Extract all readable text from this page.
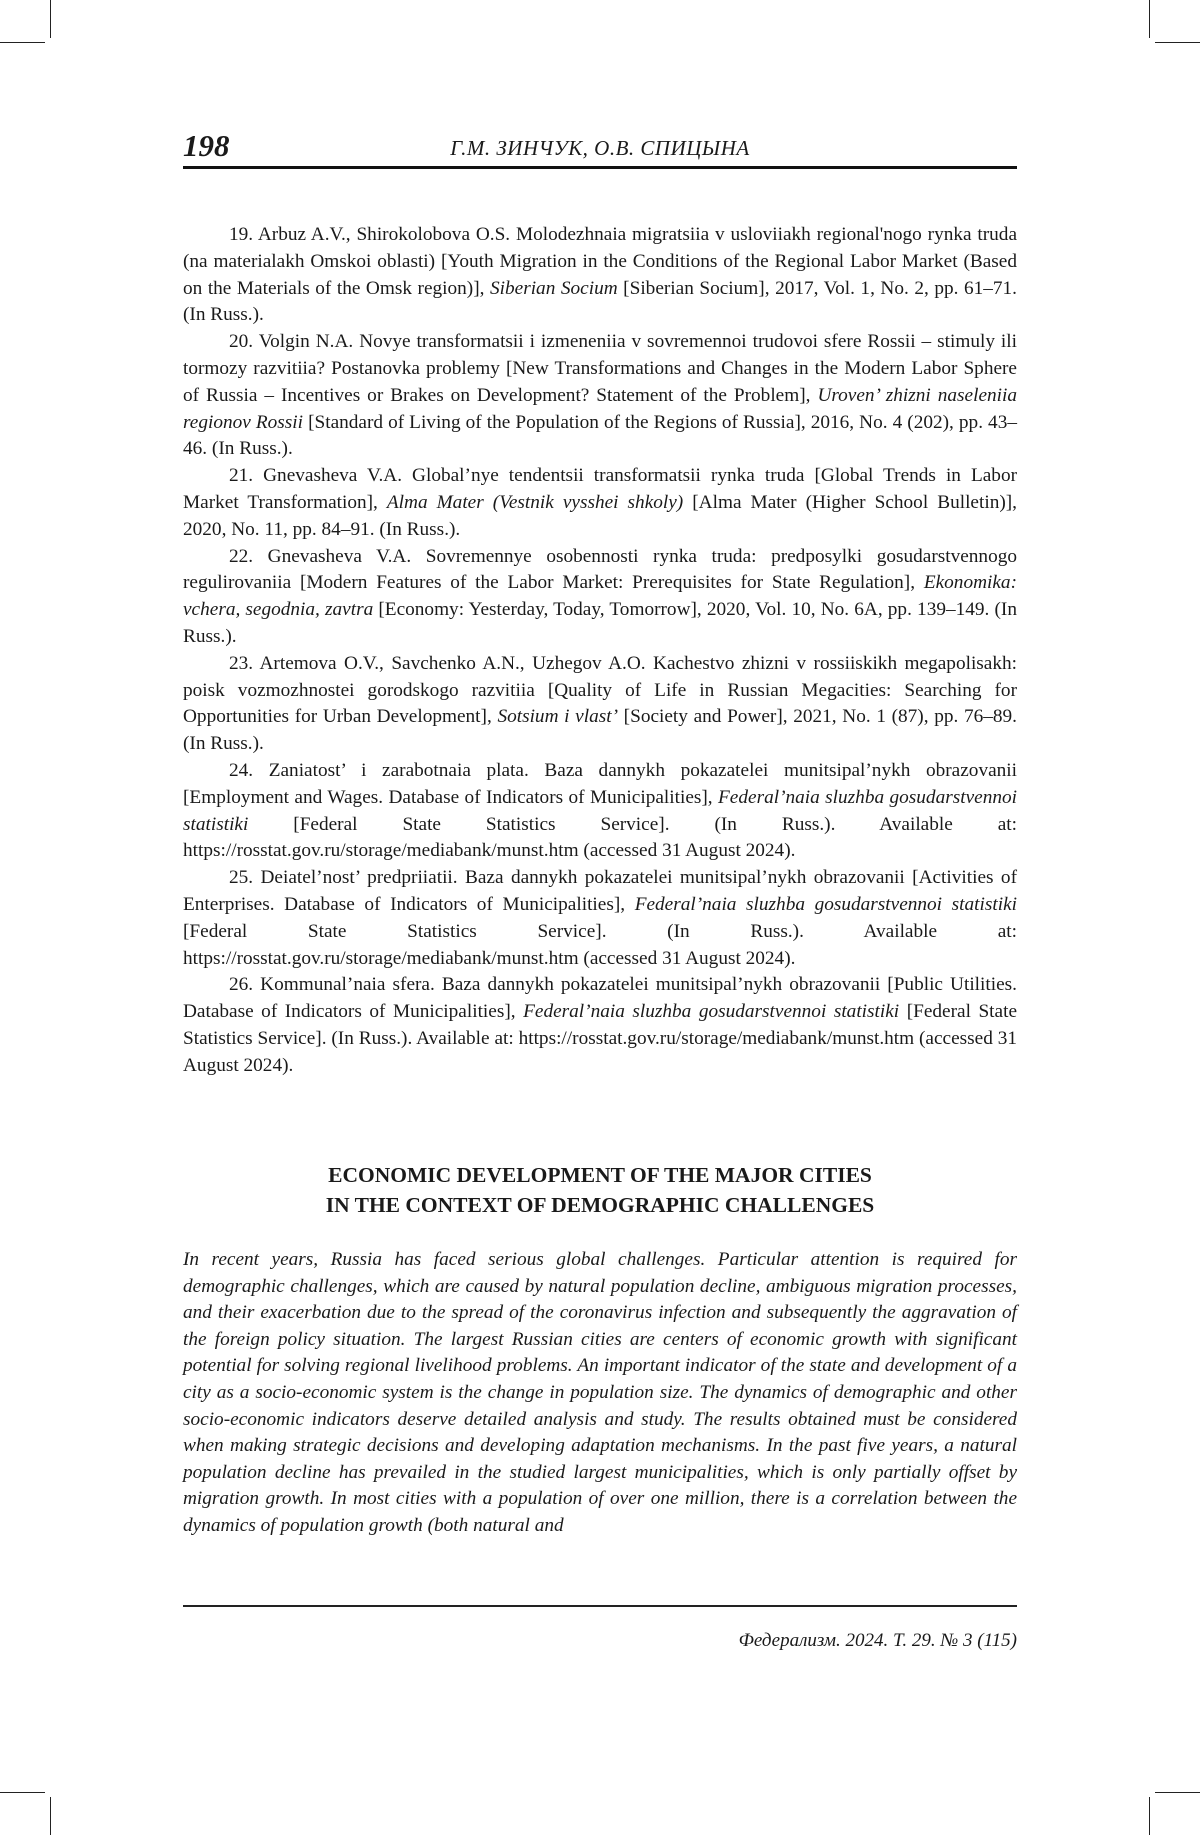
198	Г.М. ЗИНЧУК, О.В. СПИЦЫНА

19. Arbuz A.V., Shirokolobova O.S. Molodezhnaia migratsiia v usloviiakh regional'nogo rynka truda (na materialakh Omskoi oblasti) [Youth Migration in the Conditions of the Regional Labor Market (Based on the Materials of the Omsk region)], Siberian Socium [Siberian Socium], 2017, Vol. 1, No. 2, pp. 61–71. (In Russ.).

20. Volgin N.A. Novye transformatsii i izmeneniia v sovremennoi trudovoi sfere Rossii – stimuly ili tormozy razvitiia? Postanovka problemy [New Transformations and Changes in the Modern Labor Sphere of Russia – Incentives or Brakes on Development? Statement of the Problem], Uroven’ zhizni naseleniia regionov Rossii [Standard of Living of the Population of the Regions of Russia], 2016, No. 4 (202), pp. 43–46. (In Russ.).

21. Gnevasheva V.A. Global’nye tendentsii transformatsii rynka truda [Global Trends in Labor Market Transformation], Alma Mater (Vestnik vysshei shkoly) [Alma Mater (Higher School Bulletin)], 2020, No. 11, pp. 84–91. (In Russ.).

22. Gnevasheva V.A. Sovremennye osobennosti rynka truda: predposylki gosudarstvennogo regulirovaniia [Modern Features of the Labor Market: Prerequisites for State Regulation], Ekonomika: vchera, segodnia, zavtra [Economy: Yesterday, Today, Tomorrow], 2020, Vol. 10, No. 6A, pp. 139–149. (In Russ.).

23. Artemova O.V., Savchenko A.N., Uzhegov A.O. Kachestvo zhizni v rossiiskikh megapolisakh: poisk vozmozhnostei gorodskogo razvitiia [Quality of Life in Russian Megacities: Searching for Opportunities for Urban Development], Sotsium i vlast’ [Society and Power], 2021, No. 1 (87), pp. 76–89. (In Russ.).

24. Zaniatost’ i zarabotnaia plata. Baza dannykh pokazatelei munitsipal’nykh obrazovanii [Employment and Wages. Database of Indicators of Municipalities], Federal’naia sluzhba gosudarstvennoi statistiki [Federal State Statistics Service]. (In Russ.). Available at: https://rosstat.gov.ru/storage/mediabank/munst.htm (accessed 31 August 2024).

25. Deiatel’nost’ predpriiatii. Baza dannykh pokazatelei munitsipal’nykh obrazovanii [Activities of Enterprises. Database of Indicators of Municipalities], Federal’naia sluzhba gosudarstvennoi statistiki [Federal State Statistics Service]. (In Russ.). Available at: https://rosstat.gov.ru/storage/mediabank/munst.htm (accessed 31 August 2024).

26. Kommunal’naia sfera. Baza dannykh pokazatelei munitsipal’nykh obrazovanii [Public Utilities. Database of Indicators of Municipalities], Federal’naia sluzhba gosudarstvennoi statistiki [Federal State Statistics Service]. (In Russ.). Available at: https://rosstat.gov.ru/storage/mediabank/munst.htm (accessed 31 August 2024).

ECONOMIC DEVELOPMENT OF THE MAJOR CITIES
IN THE CONTEXT OF DEMOGRAPHIC CHALLENGES
In recent years, Russia has faced serious global challenges. Particular attention is required for demographic challenges, which are caused by natural population decline, ambiguous migration processes, and their exacerbation due to the spread of the coronavirus infection and subsequently the aggravation of the foreign policy situation. The largest Russian cities are centers of economic growth with significant potential for solving regional livelihood problems. An important indicator of the state and development of a city as a socio-economic system is the change in population size. The dynamics of demographic and other socio-economic indicators deserve detailed analysis and study. The results obtained must be considered when making strategic decisions and developing adaptation mechanisms. In the past five years, a natural population decline has prevailed in the studied largest municipalities, which is only partially offset by migration growth. In most cities with a population of over one million, there is a correlation between the dynamics of population growth (both natural and
Федерализм. 2024. Т. 29. № 3 (115)
